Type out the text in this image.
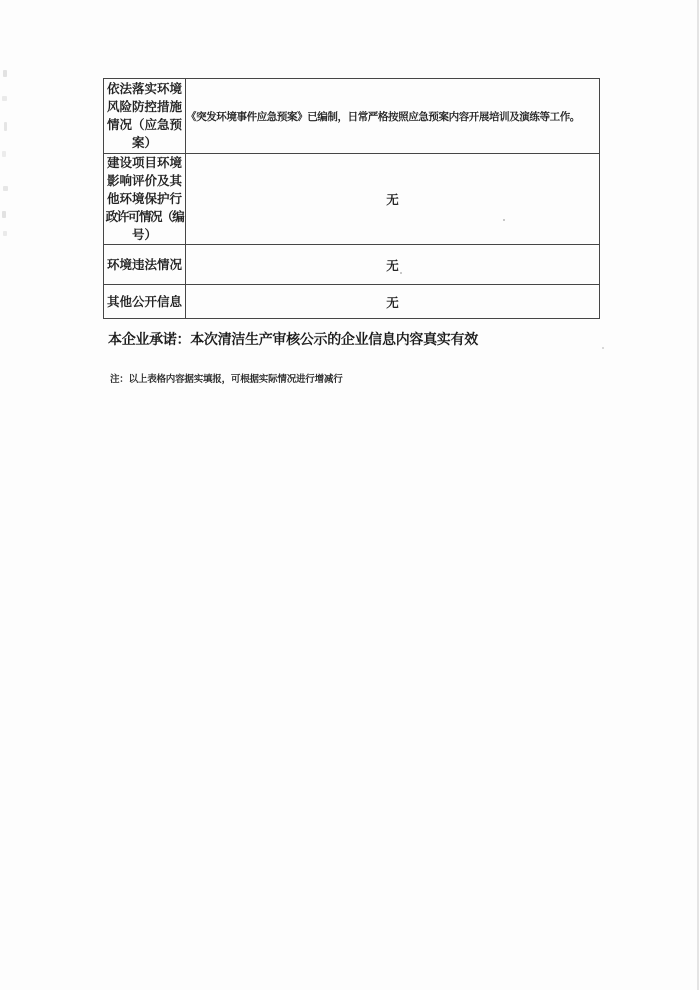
依法落实环境
风险防控措施
情况（应急预
案）	《突发环境事件应急预案》已编制，日常严格按照应急预案内容开展培训及演练等工作。

建设项目环境
影响评价及其
他环境保护行
政许可情况（编
号）	无

环境违法情况	无

其他公开信息	无
本企业承诺：本次清洁生产审核公示的企业信息内容真实有效
注：以上表格内容据实填报，可根据实际情况进行增减行
